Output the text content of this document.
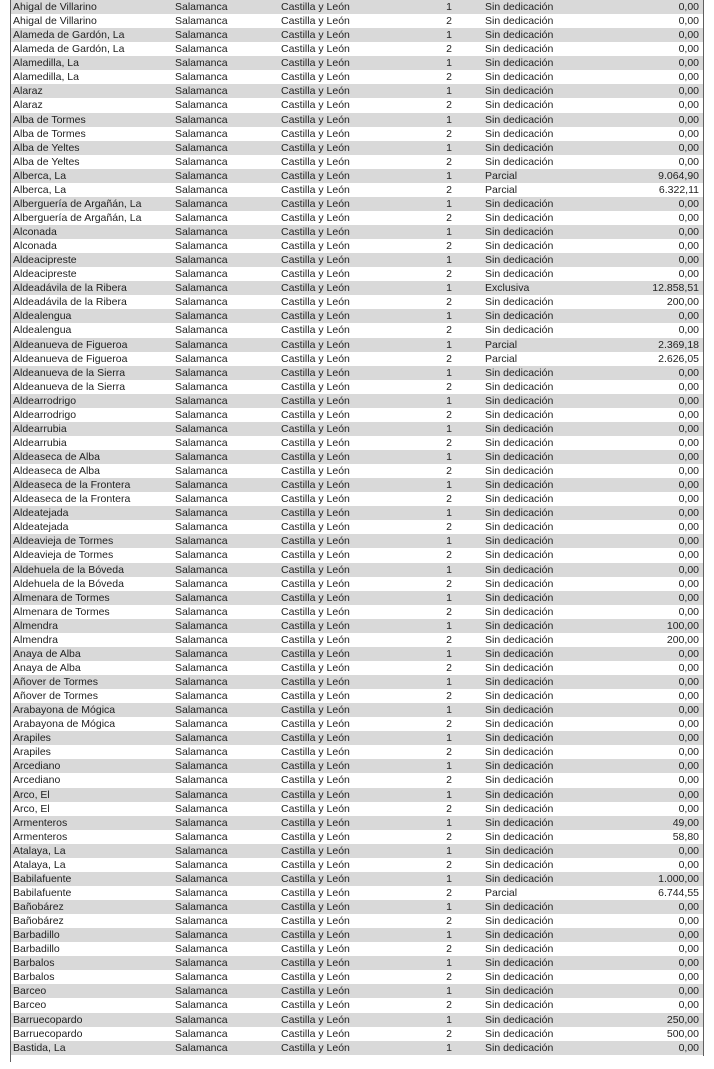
Ahigal de Villarino	Salamanca	Castilla y León	1	Sin dedicación	0,00
Ahigal de Villarino	Salamanca	Castilla y León	2	Sin dedicación	0,00
Alameda de Gardón, La	Salamanca	Castilla y León	1	Sin dedicación	0,00
Alameda de Gardón, La	Salamanca	Castilla y León	2	Sin dedicación	0,00
Alamedilla, La	Salamanca	Castilla y León	1	Sin dedicación	0,00
Alamedilla, La	Salamanca	Castilla y León	2	Sin dedicación	0,00
Alaraz	Salamanca	Castilla y León	1	Sin dedicación	0,00
Alaraz	Salamanca	Castilla y León	2	Sin dedicación	0,00
Alba de Tormes	Salamanca	Castilla y León	1	Sin dedicación	0,00
Alba de Tormes	Salamanca	Castilla y León	2	Sin dedicación	0,00
Alba de Yeltes	Salamanca	Castilla y León	1	Sin dedicación	0,00
Alba de Yeltes	Salamanca	Castilla y León	2	Sin dedicación	0,00
Alberca, La	Salamanca	Castilla y León	1	Parcial	9.064,90
Alberca, La	Salamanca	Castilla y León	2	Parcial	6.322,11
Alberguería de Argañán, La	Salamanca	Castilla y León	1	Sin dedicación	0,00
Alberguería de Argañán, La	Salamanca	Castilla y León	2	Sin dedicación	0,00
Alconada	Salamanca	Castilla y León	1	Sin dedicación	0,00
Alconada	Salamanca	Castilla y León	2	Sin dedicación	0,00
Aldeacipreste	Salamanca	Castilla y León	1	Sin dedicación	0,00
Aldeacipreste	Salamanca	Castilla y León	2	Sin dedicación	0,00
Aldeadávila de la Ribera	Salamanca	Castilla y León	1	Exclusiva	12.858,51
Aldeadávila de la Ribera	Salamanca	Castilla y León	2	Sin dedicación	200,00
Aldealengua	Salamanca	Castilla y León	1	Sin dedicación	0,00
Aldealengua	Salamanca	Castilla y León	2	Sin dedicación	0,00
Aldeanueva de Figueroa	Salamanca	Castilla y León	1	Parcial	2.369,18
Aldeanueva de Figueroa	Salamanca	Castilla y León	2	Parcial	2.626,05
Aldeanueva de la Sierra	Salamanca	Castilla y León	1	Sin dedicación	0,00
Aldeanueva de la Sierra	Salamanca	Castilla y León	2	Sin dedicación	0,00
Aldearrodrigo	Salamanca	Castilla y León	1	Sin dedicación	0,00
Aldearrodrigo	Salamanca	Castilla y León	2	Sin dedicación	0,00
Aldearrubia	Salamanca	Castilla y León	1	Sin dedicación	0,00
Aldearrubia	Salamanca	Castilla y León	2	Sin dedicación	0,00
Aldeaseca de Alba	Salamanca	Castilla y León	1	Sin dedicación	0,00
Aldeaseca de Alba	Salamanca	Castilla y León	2	Sin dedicación	0,00
Aldeaseca de la Frontera	Salamanca	Castilla y León	1	Sin dedicación	0,00
Aldeaseca de la Frontera	Salamanca	Castilla y León	2	Sin dedicación	0,00
Aldeatejada	Salamanca	Castilla y León	1	Sin dedicación	0,00
Aldeatejada	Salamanca	Castilla y León	2	Sin dedicación	0,00
Aldeavieja de Tormes	Salamanca	Castilla y León	1	Sin dedicación	0,00
Aldeavieja de Tormes	Salamanca	Castilla y León	2	Sin dedicación	0,00
Aldehuela de la Bóveda	Salamanca	Castilla y León	1	Sin dedicación	0,00
Aldehuela de la Bóveda	Salamanca	Castilla y León	2	Sin dedicación	0,00
Almenara de Tormes	Salamanca	Castilla y León	1	Sin dedicación	0,00
Almenara de Tormes	Salamanca	Castilla y León	2	Sin dedicación	0,00
Almendra	Salamanca	Castilla y León	1	Sin dedicación	100,00
Almendra	Salamanca	Castilla y León	2	Sin dedicación	200,00
Anaya de Alba	Salamanca	Castilla y León	1	Sin dedicación	0,00
Anaya de Alba	Salamanca	Castilla y León	2	Sin dedicación	0,00
Añover de Tormes	Salamanca	Castilla y León	1	Sin dedicación	0,00
Añover de Tormes	Salamanca	Castilla y León	2	Sin dedicación	0,00
Arabayona de Mógica	Salamanca	Castilla y León	1	Sin dedicación	0,00
Arabayona de Mógica	Salamanca	Castilla y León	2	Sin dedicación	0,00
Arapiles	Salamanca	Castilla y León	1	Sin dedicación	0,00
Arapiles	Salamanca	Castilla y León	2	Sin dedicación	0,00
Arcediano	Salamanca	Castilla y León	1	Sin dedicación	0,00
Arcediano	Salamanca	Castilla y León	2	Sin dedicación	0,00
Arco, El	Salamanca	Castilla y León	1	Sin dedicación	0,00
Arco, El	Salamanca	Castilla y León	2	Sin dedicación	0,00
Armenteros	Salamanca	Castilla y León	1	Sin dedicación	49,00
Armenteros	Salamanca	Castilla y León	2	Sin dedicación	58,80
Atalaya, La	Salamanca	Castilla y León	1	Sin dedicación	0,00
Atalaya, La	Salamanca	Castilla y León	2	Sin dedicación	0,00
Babilafuente	Salamanca	Castilla y León	1	Sin dedicación	1.000,00
Babilafuente	Salamanca	Castilla y León	2	Parcial	6.744,55
Bañobárez	Salamanca	Castilla y León	1	Sin dedicación	0,00
Bañobárez	Salamanca	Castilla y León	2	Sin dedicación	0,00
Barbadillo	Salamanca	Castilla y León	1	Sin dedicación	0,00
Barbadillo	Salamanca	Castilla y León	2	Sin dedicación	0,00
Barbalos	Salamanca	Castilla y León	1	Sin dedicación	0,00
Barbalos	Salamanca	Castilla y León	2	Sin dedicación	0,00
Barceo	Salamanca	Castilla y León	1	Sin dedicación	0,00
Barceo	Salamanca	Castilla y León	2	Sin dedicación	0,00
Barruecopardo	Salamanca	Castilla y León	1	Sin dedicación	250,00
Barruecopardo	Salamanca	Castilla y León	2	Sin dedicación	500,00
Bastida, La	Salamanca	Castilla y León	1	Sin dedicación	0,00
